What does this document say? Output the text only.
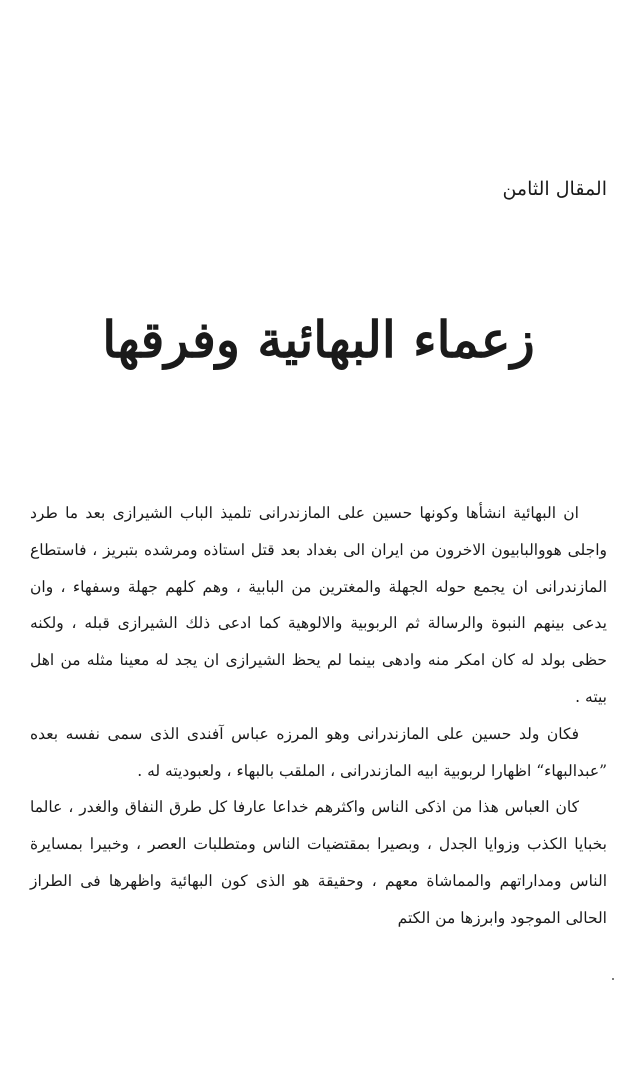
المقال الثامن
زعماء البهائية وفرقها

ان البهائية انشأها وكونها حسين على المازندرانى تلميذ الباب الشيرازى بعد ما طرد واجلى هووالبابيون الاخرون من ايران الى بغداد بعد قتل استاذه ومرشده بتبريز ، فاستطاع المازندرانى ان يجمع حوله الجهلة والمغترين من البابية ، وهم كلهم جهلة وسفهاء ، وان يدعى بينهم النبوة والرسالة ثم الربوبية والالوهية كما ادعى ذلك الشيرازى قبله ، ولكنه حظى بولد له كان امكر منه وادهى بينما لم يحظ الشيرازى ان يجد له معينا مثله من اهل بيته .

فكان ولد حسين على المازندرانى وهو المرزه عباس آفندى الذى سمى نفسه بعده ”عبدالبهاء“ اظهارا لربوبية ابيه المازندرانى ، الملقب بالبهاء ، ولعبوديته له .

كان العباس هذا من اذكى الناس واكثرهم خداعا عارفا كل طرق النفاق والغدر ، عالما بخبايا الكذب وزوايا الجدل ، وبصيرا بمقتضيات الناس ومتطلبات العصر ، وخبيرا بمسايرة الناس ومداراتهم والمماشاة معهم ، وحقيقة هو الذى كون البهائية واظهرها فى الطراز الحالى الموجود وابرزها من الكتم
